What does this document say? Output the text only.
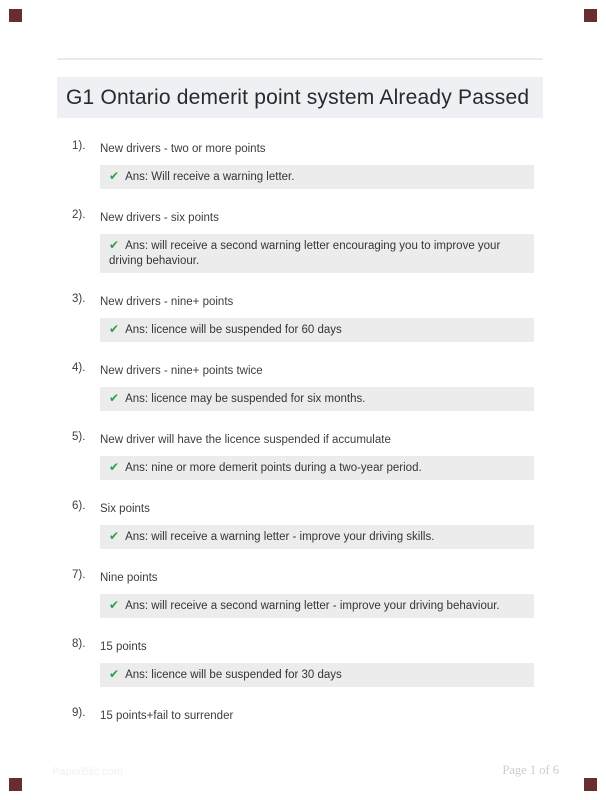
G1 Ontario demerit point system Already Passed
1).	New drivers - two or more points
✔ Ans: Will receive a warning letter.
2).	New drivers - six points
✔ Ans: will receive a second warning letter encouraging you to improve your driving behaviour.
3).	New drivers - nine+ points
✔ Ans: licence will be suspended for 60 days
4).	New drivers - nine+ points twice
✔ Ans: licence may be suspended for six months.
5).	New driver will have the licence suspended if accumulate
✔ Ans: nine or more demerit points during a two-year period.
6).	Six points
✔ Ans: will receive a warning letter - improve your driving skills.
7).	Nine points
✔ Ans: will receive a second warning letter - improve your driving behaviour.
8).	15 points
✔ Ans: licence will be suspended for 30 days
9).	15 points+fail to surrender
PaperBlic.com	Page 1 of 6
